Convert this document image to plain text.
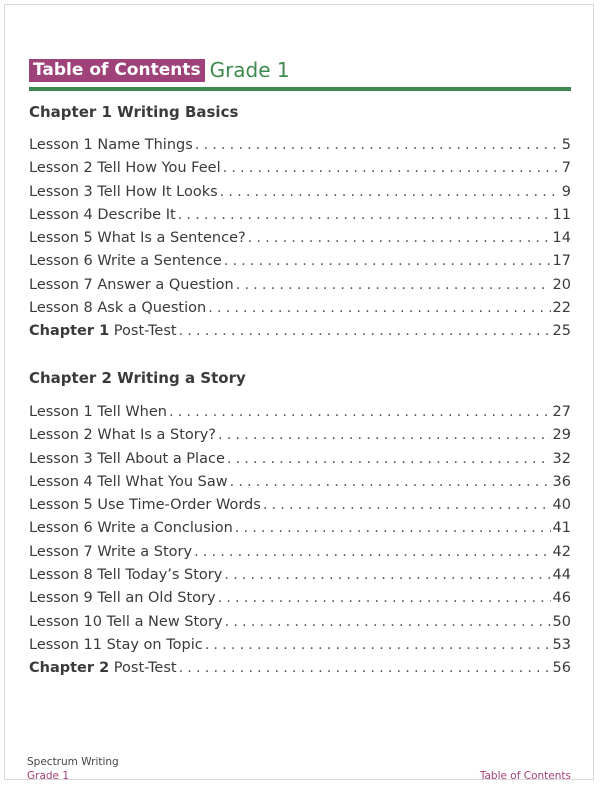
Table of Contents Grade 1
Chapter 1 Writing Basics
Lesson 1 Name Things . . .	5
Lesson 2 Tell How You Feel . . .	7
Lesson 3 Tell How It Looks . . .	9
Lesson 4 Describe It . . .	11
Lesson 5 What Is a Sentence? . . .	14
Lesson 6 Write a Sentence . . .	17
Lesson 7 Answer a Question . . .	20
Lesson 8 Ask a Question . . .	22
Chapter 1 Post-Test . . .	25
Chapter 2 Writing a Story
Lesson 1 Tell When . . .	27
Lesson 2 What Is a Story? . . .	29
Lesson 3 Tell About a Place . . .	32
Lesson 4 Tell What You Saw . . .	36
Lesson 5 Use Time-Order Words . . .	40
Lesson 6 Write a Conclusion . . .	41
Lesson 7 Write a Story . . .	42
Lesson 8 Tell Today’s Story . . .	44
Lesson 9 Tell an Old Story . . .	46
Lesson 10 Tell a New Story . . .	50
Lesson 11 Stay on Topic . . .	53
Chapter 2 Post-Test . . .	56
Spectrum Writing
Grade 1	Table of Contents
